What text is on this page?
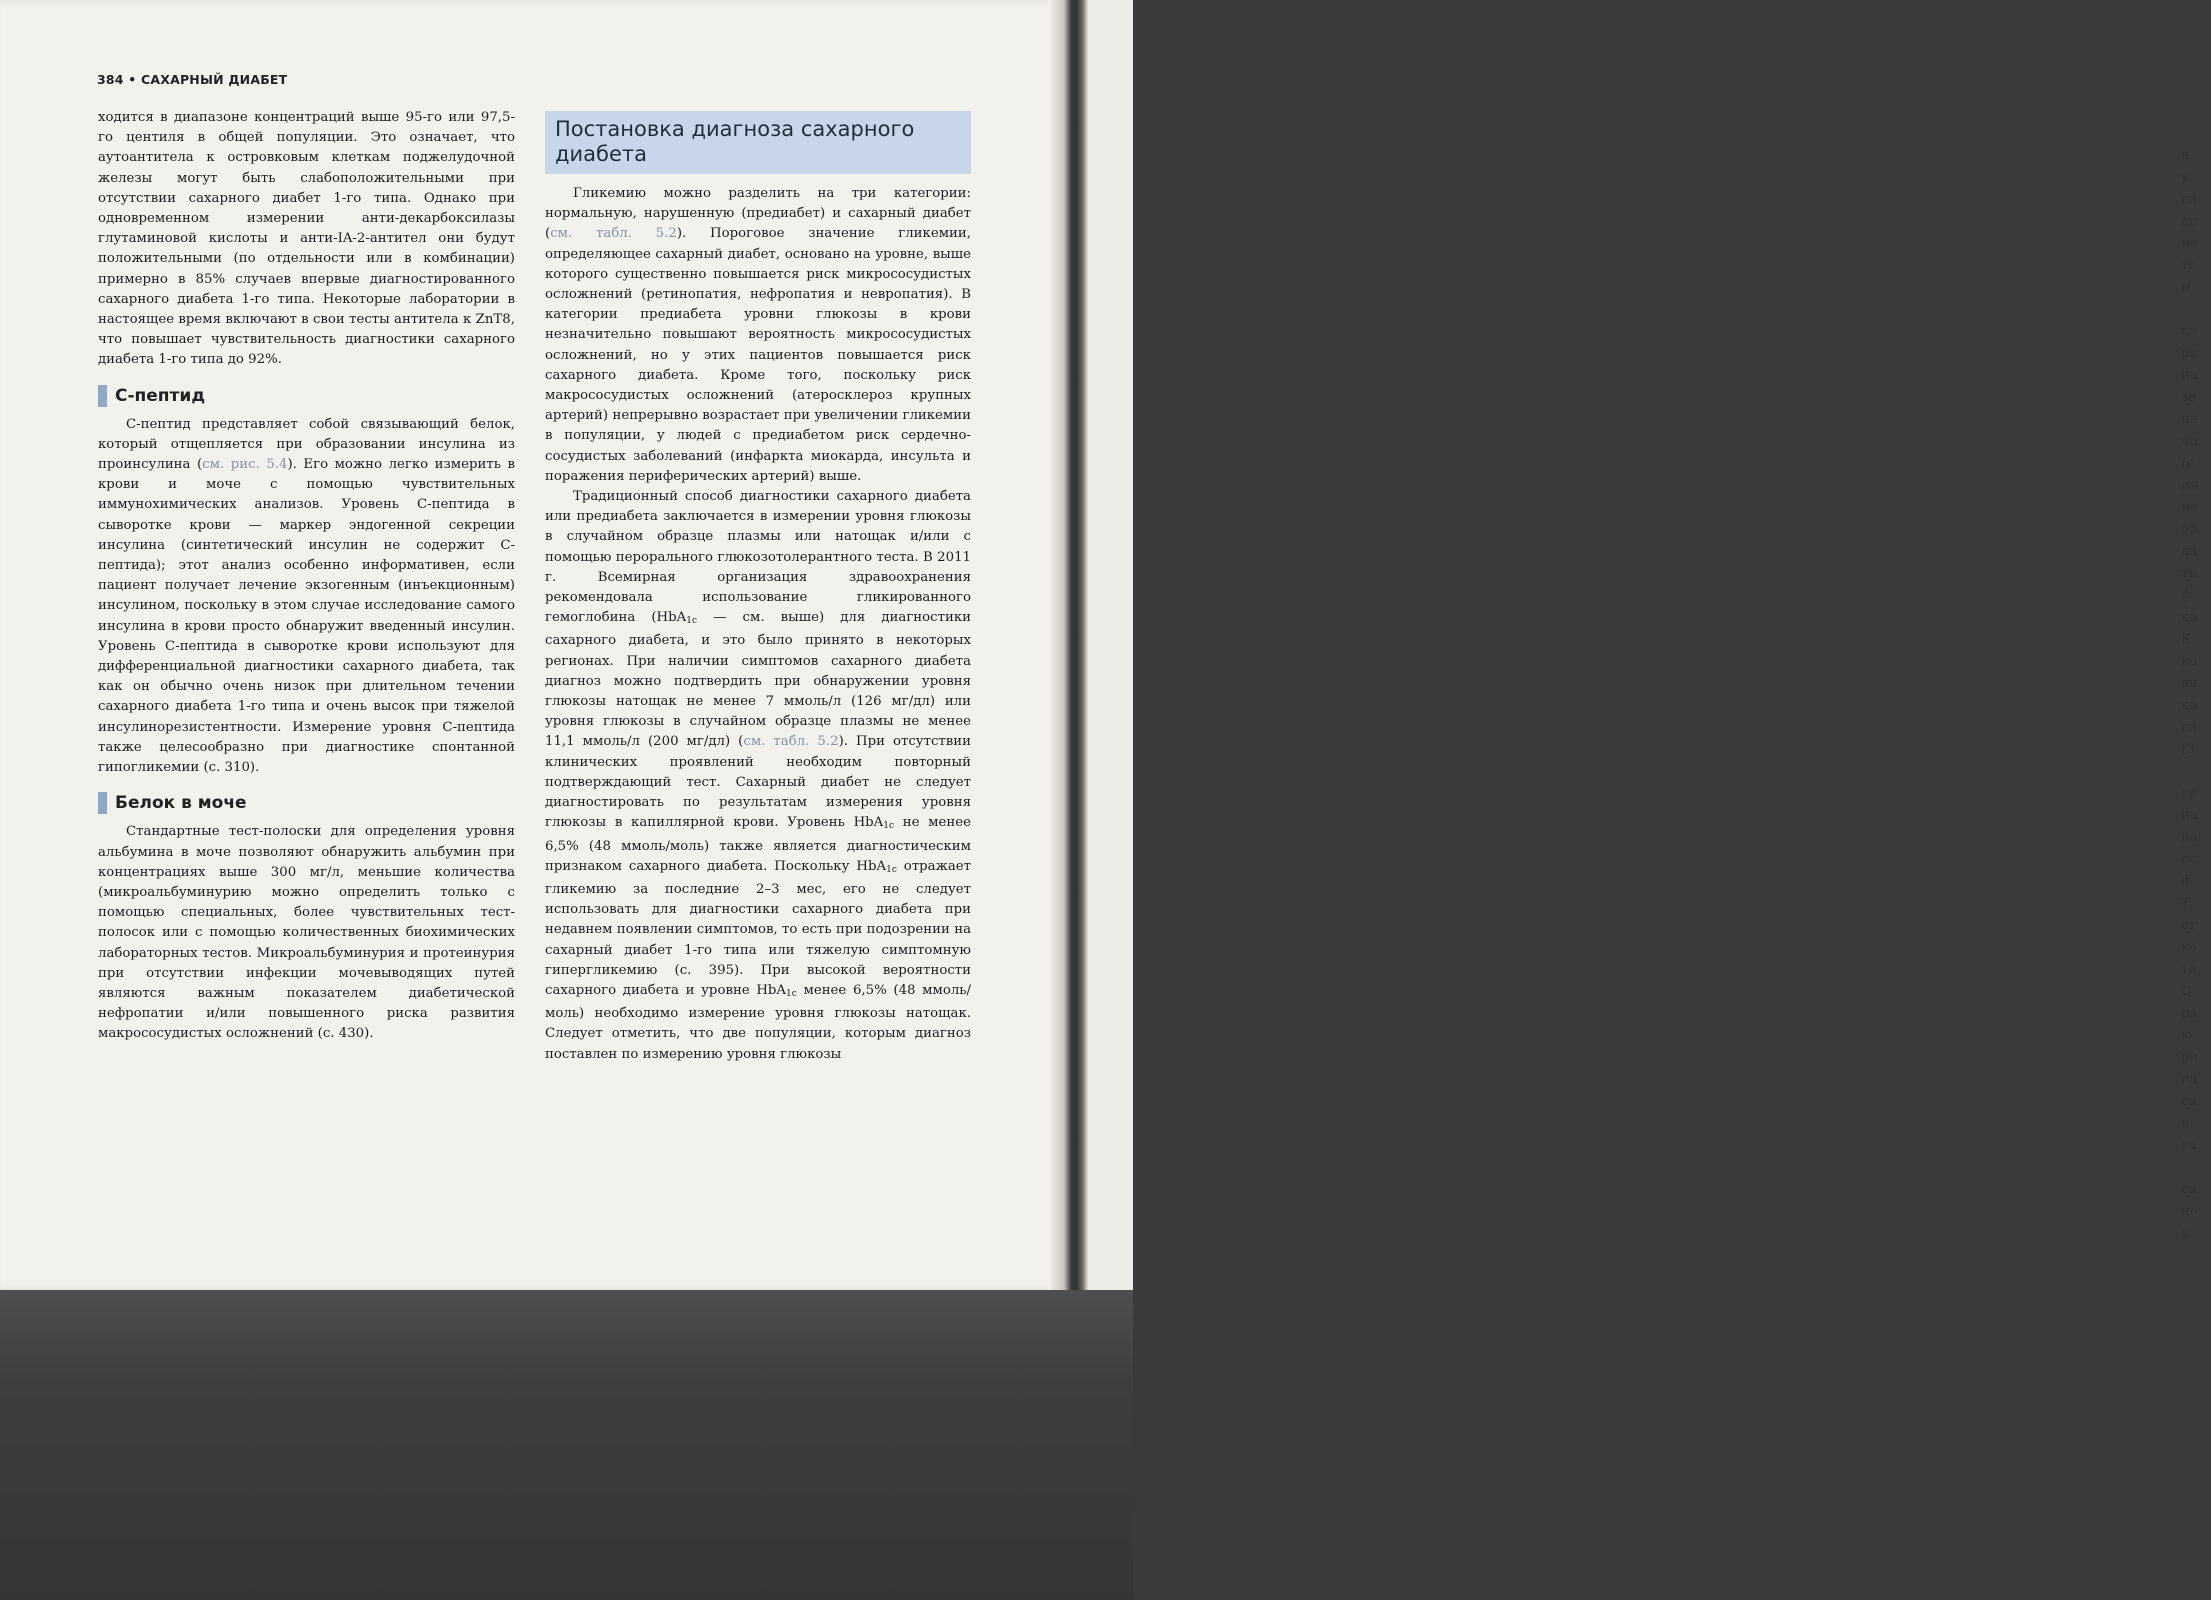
384 • САХАРНЫЙ ДИАБЕТ

ходится в диапазоне концентраций выше 95-го или 97,5-го центиля в общей популяции. Это означает, что аутоантитела к островковым клеткам поджелудочной железы могут быть слабоположительными при отсутствии сахарного диабет 1-го типа. Однако при одновременном измерении анти-декарбоксилазы глутаминовой кислоты и анти-IA-2-антител они будут положительными (по отдельности или в комбинации) примерно в 85% случаев впервые диагностированного сахарного диабета 1-го типа. Некоторые лаборатории в настоящее время включают в свои тесты антитела к ZnT8, что повышает чувствительность диагностики сахарного диабета 1-го типа до 92%.

С-пептид

С-пептид представляет собой связывающий белок, который отщепляется при образовании инсулина из проинсулина (см. рис. 5.4). Его можно легко измерить в крови и моче с помощью чувствительных иммунохимических анализов. Уровень С-пептида в сыворотке крови — маркер эндогенной секреции инсулина (синтетический инсулин не содержит С-пептида); этот анализ особенно информативен, если пациент получает лечение экзогенным (инъекционным) инсулином, поскольку в этом случае исследование самого инсулина в крови просто обнаружит введенный инсулин. Уровень С-пептида в сыворотке крови используют для дифференциальной диагностики сахарного диабета, так как он обычно очень низок при длительном течении сахарного диабета 1-го типа и очень высок при тяжелой инсулинорезистентности. Измерение уровня С-пептида также целесообразно при диагностике спонтанной гипогликемии (с. 310).

Белок в моче

Стандартные тест-полоски для определения уровня альбумина в моче позволяют обнаружить альбумин при концентрациях выше 300 мг/л, меньшие количества (микроальбуминурию можно определить только с помощью специальных, более чувствительных тест-полосок или с помощью количественных биохимических лабораторных тестов. Микроальбуминурия и протеинурия при отсутствии инфекции мочевыводящих путей являются важным показателем диабетической нефропатии и/или повышенного риска развития макрососудистых осложнений (с. 430).

Постановка диагноза сахарного диабета

Гликемию можно разделить на три категории: нормальную, нарушенную (предиабет) и сахарный диабет (см. табл. 5.2). Пороговое значение гликемии, определяющее сахарный диабет, основано на уровне, выше которого существенно повышается риск микрососудистых осложнений (ретинопатия, нефропатия и невропатия). В категории предиабета уровни глюкозы в крови незначительно повышают вероятность микрососудистых осложнений, но у этих пациентов повышается риск сахарного диабета. Кроме того, поскольку риск макрососудистых осложнений (атеросклероз крупных артерий) непрерывно возрастает при увеличении гликемии в популяции, у людей с предиабетом риск сердечно-сосудистых заболеваний (инфаркта миокарда, инсульта и поражения периферических артерий) выше.

Традиционный способ диагностики сахарного диабета или предиабета заключается в измерении уровня глюкозы в случайном образце плазмы или натощак и/или с помощью перорального глюкозотолерантного теста. В 2011 г. Всемирная организация здравоохранения рекомендовала использование гликированного гемоглобина (HbA$_{1c}$ — см. выше) для диагностики сахарного диабета, и это было принято в некоторых регионах. При наличии симптомов сахарного диабета диагноз можно подтвердить при обнаружении уровня глюкозы натощак не менее 7 ммоль/л (126 мг/дл) или уровня глюкозы в случайном образце плазмы не менее 11,1 ммоль/л (200 мг/дл) (см. табл. 5.2). При отсутствии клинических проявлений необходим повторный подтверждающий тест. Сахарный диабет не следует диагностировать по результатам измерения уровня глюкозы в капиллярной крови. Уровень HbA$_{1c}$ не менее 6,5% (48 ммоль/моль) также является диагностическим признаком сахарного диабета. Поскольку HbA$_{1c}$ отражает гликемию за последние 2–3 мес, его не следует использовать для диагностики сахарного диабета при недавнем появлении симптомов, то есть при подозрении на сахарный диабет 1-го типа или тяжелую симптомную гипергликемию (с. 395). При высокой вероятности сахарного диабета и уровне HbA$_{1c}$ менее 6,5% (48 ммоль/моль) необходимо измерение уровня глюкозы натощак. Следует отметить, что две популяции, которым диагноз поставлен по измерению уровня глюкозы

в
у
гн
др
не
тг
м
гл
рс
на
зе
из
ча
(с
ин
не
об
да
ти
ф
ка
К
ко
ди
ка
гн
(3
су
на
на
ос
ф
Т
ст
ке
те
О
ра
ю
ри
ла
са
ш
са
са
чо
с
